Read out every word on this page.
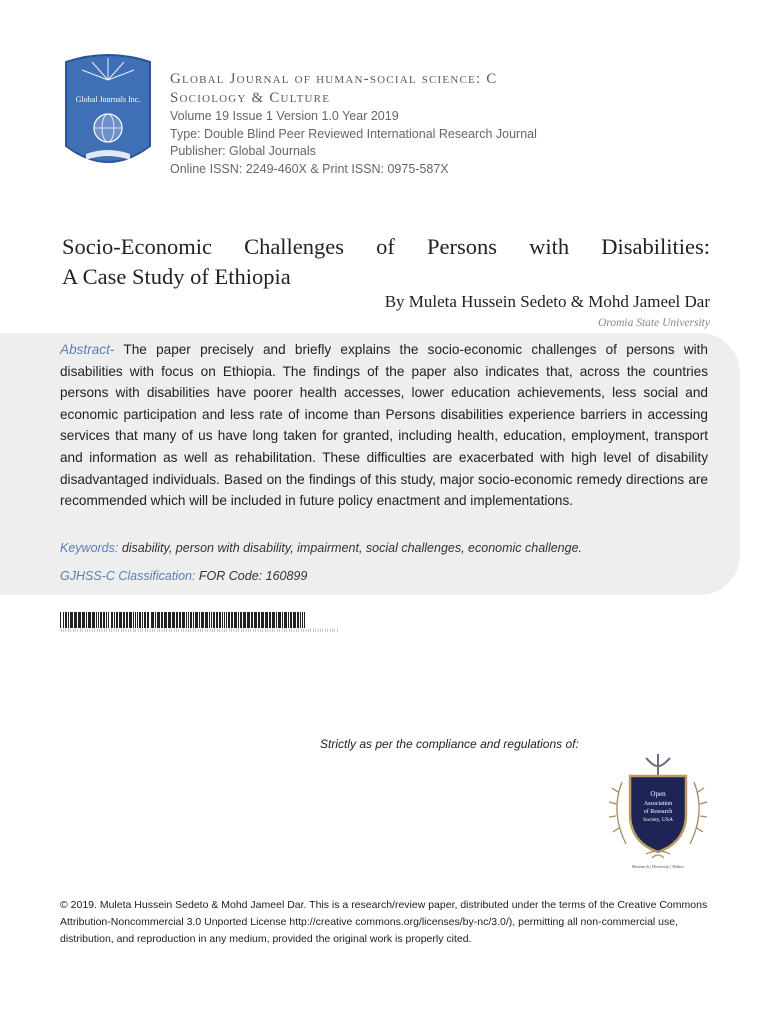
Global Journals Inc.
Global Journal of human-social science: C
Sociology & Culture
Volume 19 Issue 1 Version 1.0 Year 2019
Type: Double Blind Peer Reviewed International Research Journal
Publisher: Global Journals
Online ISSN: 2249-460X & Print ISSN: 0975-587X
Socio-Economic Challenges of Persons with Disabilities:
A Case Study of Ethiopia
By Muleta Hussein Sedeto & Mohd Jameel Dar
Oromia State University
Abstract- The paper precisely and briefly explains the socio-economic challenges of persons with disabilities with focus on Ethiopia. The findings of the paper also indicates that, across the countries persons with disabilities have poorer health accesses, lower education achievements, less social and economic participation and less rate of income than Persons disabilities experience barriers in accessing services that many of us have long taken for granted, including health, education, employment, transport and information as well as rehabilitation. These difficulties are exacerbated with high level of disability disadvantaged individuals. Based on the findings of this study, major socio-economic remedy directions are recommended which will be included in future policy enactment and implementations.
Keywords: disability, person with disability, impairment, social challenges, economic challenge.
GJHSS-C Classification: FOR Code: 160899
||||||||||||||||||||||||||||||||||||||||||||||||||||||||||||||||||||||||||||||||||||||||||||||||||||||||||||||||||||
Strictly as per the compliance and regulations of:
Open
Association
of Research
Society, USA
Research | Diversity | Ethics
© 2019. Muleta Hussein Sedeto & Mohd Jameel Dar. This is a research/review paper, distributed under the terms of the Creative Commons Attribution-Noncommercial 3.0 Unported License http://creative commons.org/licenses/by-nc/3.0/), permitting all non-commercial use, distribution, and reproduction in any medium, provided the original work is properly cited.
